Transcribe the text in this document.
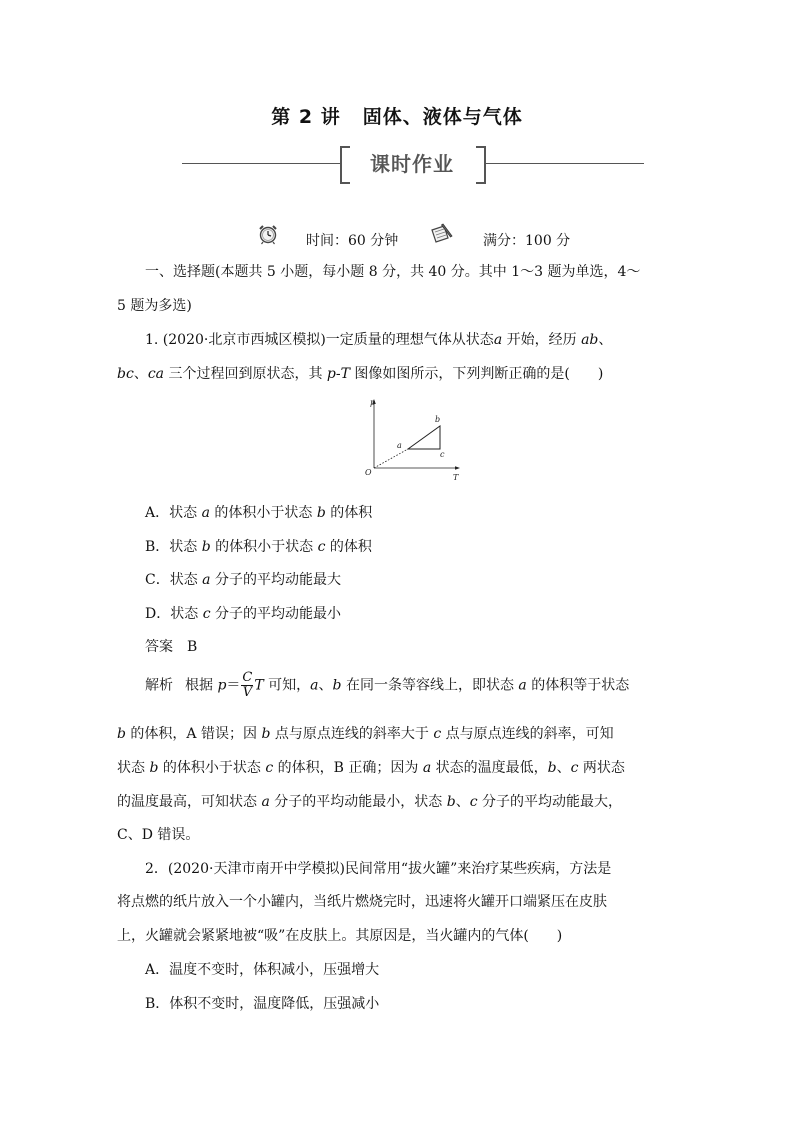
第 2 讲 固体、液体与气体
课时作业
时间：60 分钟	满分：100 分
一、选择题(本题共 5 小题，每小题 8 分，共 40 分。其中 1～3 题为单选，4～
5 题为多选)
1. (2020·北京市西城区模拟)一定质量的理想气体从状态a 开始，经历 ab、
bc、ca 三个过程回到原状态，其 p-T 图像如图所示，下列判断正确的是(　　)
p
T
O
a
b
c
A．状态 a 的体积小于状态 b 的体积
B．状态 b 的体积小于状态 c 的体积
C．状态 a 分子的平均动能最大
D．状态 c 分子的平均动能最小
答案 B
解析 根据 $p= \frac{C}{V}$ T 可知，a、b 在同一条等容线上，即状态 a 的体积等于状态
b 的体积，A 错误；因 b 点与原点连线的斜率大于 c 点与原点连线的斜率，可知
状态 b 的体积小于状态 c 的体积，B 正确；因为 a 状态的温度最低，b、c 两状态
的温度最高，可知状态 a 分子的平均动能最小，状态 b、c 分子的平均动能最大，
C、D 错误。
2．(2020·天津市南开中学模拟)民间常用“拔火罐”来治疗某些疾病，方法是
将点燃的纸片放入一个小罐内，当纸片燃烧完时，迅速将火罐开口端紧压在皮肤
上，火罐就会紧紧地被“吸”在皮肤上。其原因是，当火罐内的气体(　　)
A．温度不变时，体积减小，压强增大
B．体积不变时，温度降低，压强减小
